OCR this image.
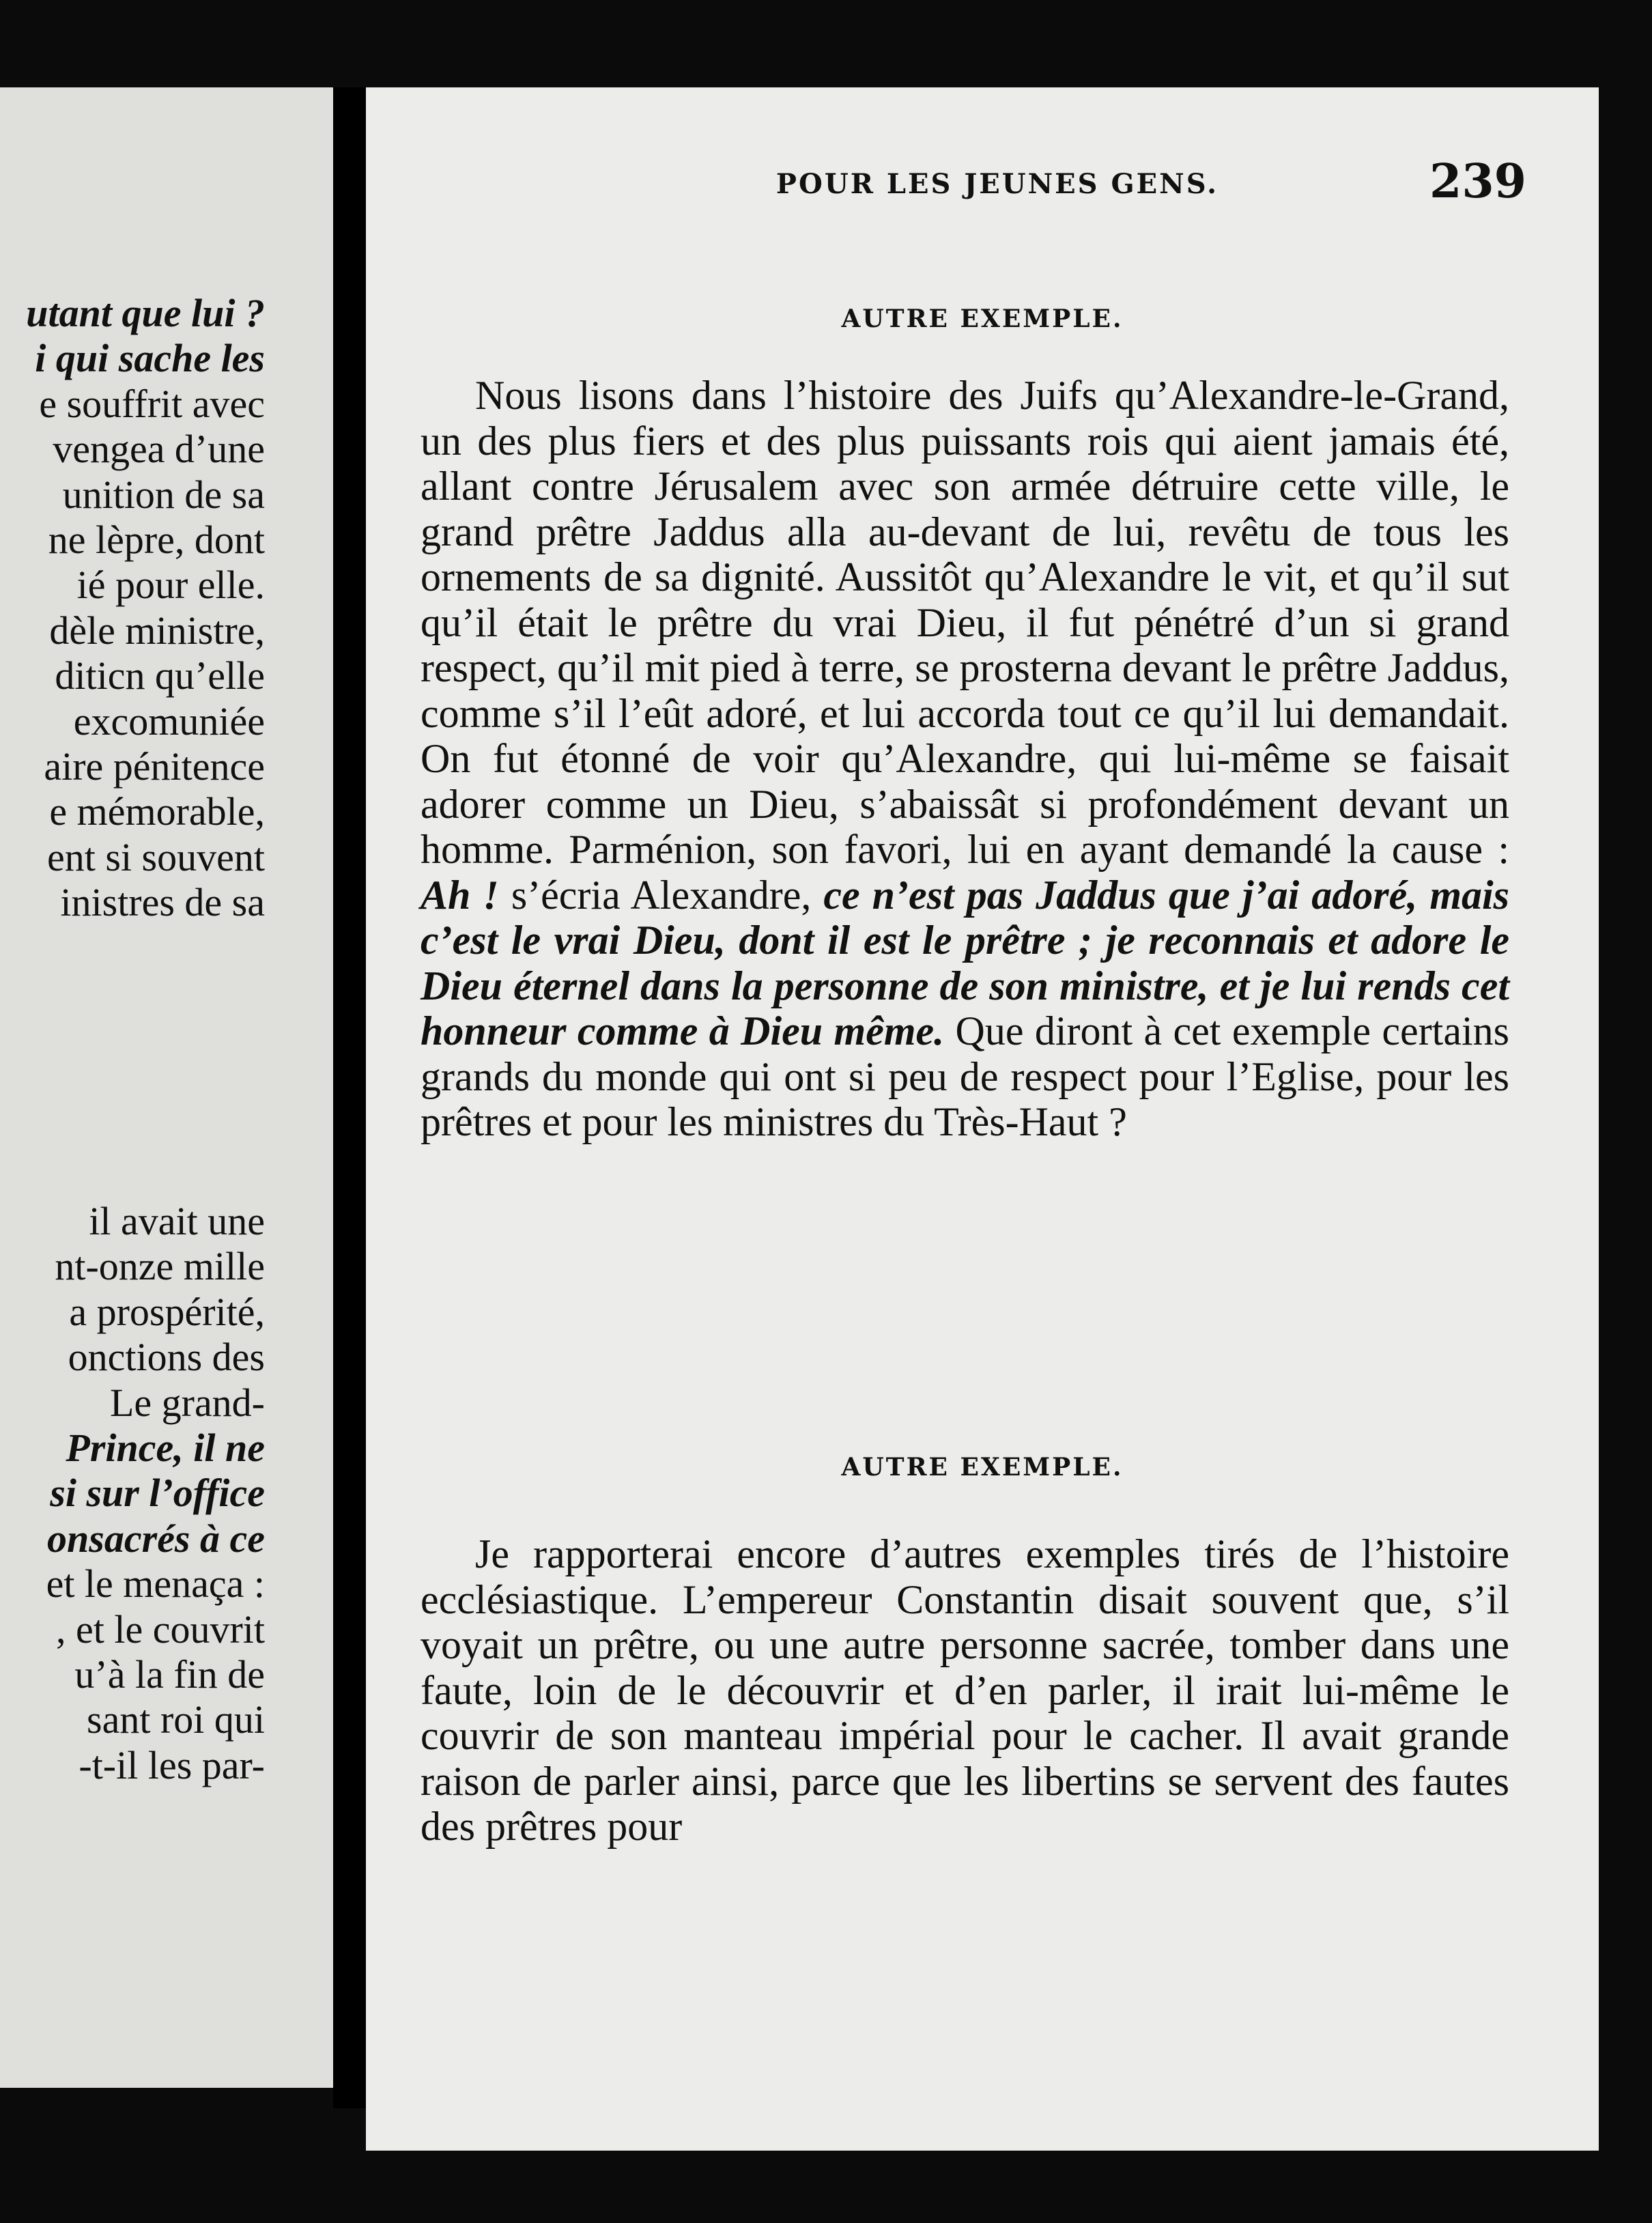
utant que lui ?
i qui sache les
e souffrit avec
vengea d’une
unition de sa
ne lèpre, dont
ié pour elle.
dèle ministre,
diticn qu’elle
excomuniée
aire pénitence
e mémorable,
ent si souvent
inistres de sa
il avait une
nt-onze mille
a prospérité,
onctions des
Le grand-
Prince, il ne
si sur l’office
onsacrés à ce
et le menaça :
, et le couvrit
u’à la fin de
sant roi qui
-t-il les par-
POUR LES JEUNES GENS.	239
AUTRE EXEMPLE.

Nous lisons dans l’histoire des Juifs qu’Alexandre-le-Grand, un des plus fiers et des plus puissants rois qui aient jamais été, allant contre Jérusalem avec son armée détruire cette ville, le grand prêtre Jaddus alla au-devant de lui, revêtu de tous les ornements de sa dignité. Aussitôt qu’Alexandre le vit, et qu’il sut qu’il était le prêtre du vrai Dieu, il fut pénétré d’un si grand respect, qu’il mit pied à terre, se prosterna devant le prêtre Jaddus, comme s’il l’eût adoré, et lui accorda tout ce qu’il lui demandait. On fut étonné de voir qu’Alexandre, qui lui-même se faisait adorer comme un Dieu, s’abaissât si profondément devant un homme. Parménion, son favori, lui en ayant demandé la cause : Ah ! s’écria Alexandre, ce n’est pas Jaddus que j’ai adoré, mais c’est le vrai Dieu, dont il est le prêtre ; je reconnais et adore le Dieu éternel dans la personne de son ministre, et je lui rends cet honneur comme à Dieu même. Que diront à cet exemple certains grands du monde qui ont si peu de respect pour l’Eglise, pour les prêtres et pour les ministres du Très-Haut ?

AUTRE EXEMPLE.

Je rapporterai encore d’autres exemples tirés de l’histoire ecclésiastique. L’empereur Constantin disait souvent que, s’il voyait un prêtre, ou une autre personne sacrée, tomber dans une faute, loin de le découvrir et d’en parler, il irait lui-même le couvrir de son manteau impérial pour le cacher. Il avait grande raison de parler ainsi, parce que les libertins se servent des fautes des prêtres pour
